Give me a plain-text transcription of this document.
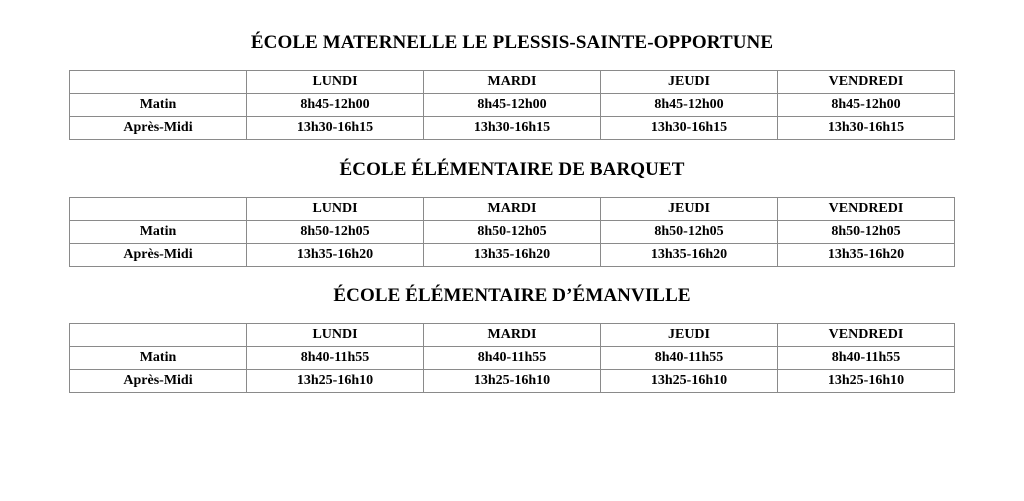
ÉCOLE MATERNELLE LE PLESSIS-SAINTE-OPPORTUNE
	LUNDI	MARDI	JEUDI	VENDREDI
Matin	8h45-12h00	8h45-12h00	8h45-12h00	8h45-12h00
Après-Midi	13h30-16h15	13h30-16h15	13h30-16h15	13h30-16h15
ÉCOLE ÉLÉMENTAIRE DE BARQUET
	LUNDI	MARDI	JEUDI	VENDREDI
Matin	8h50-12h05	8h50-12h05	8h50-12h05	8h50-12h05
Après-Midi	13h35-16h20	13h35-16h20	13h35-16h20	13h35-16h20
ÉCOLE ÉLÉMENTAIRE D’ÉMANVILLE
	LUNDI	MARDI	JEUDI	VENDREDI
Matin	8h40-11h55	8h40-11h55	8h40-11h55	8h40-11h55
Après-Midi	13h25-16h10	13h25-16h10	13h25-16h10	13h25-16h10
